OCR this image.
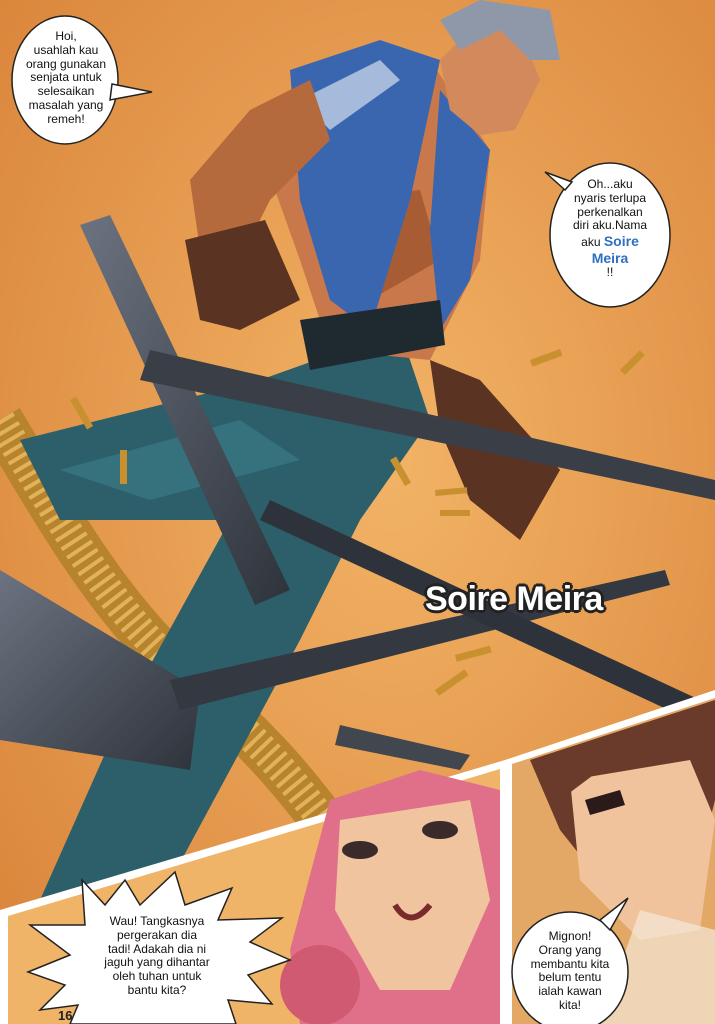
Hoi,
usahlah kau
orang gunakan
senjata untuk
selesaikan
masalah yang
remeh!
Oh...aku
nyaris terlupa
perkenalkan
diri aku.Nama
aku Soire
Meira
!!
Soire Meira
Wau! Tangkasnya
pergerakan dia
tadi! Adakah dia ni
jaguh yang dihantar
oleh tuhan untuk
bantu kita?
Mignon!
Orang yang
membantu kita
belum tentu
ialah kawan
kita!
16
